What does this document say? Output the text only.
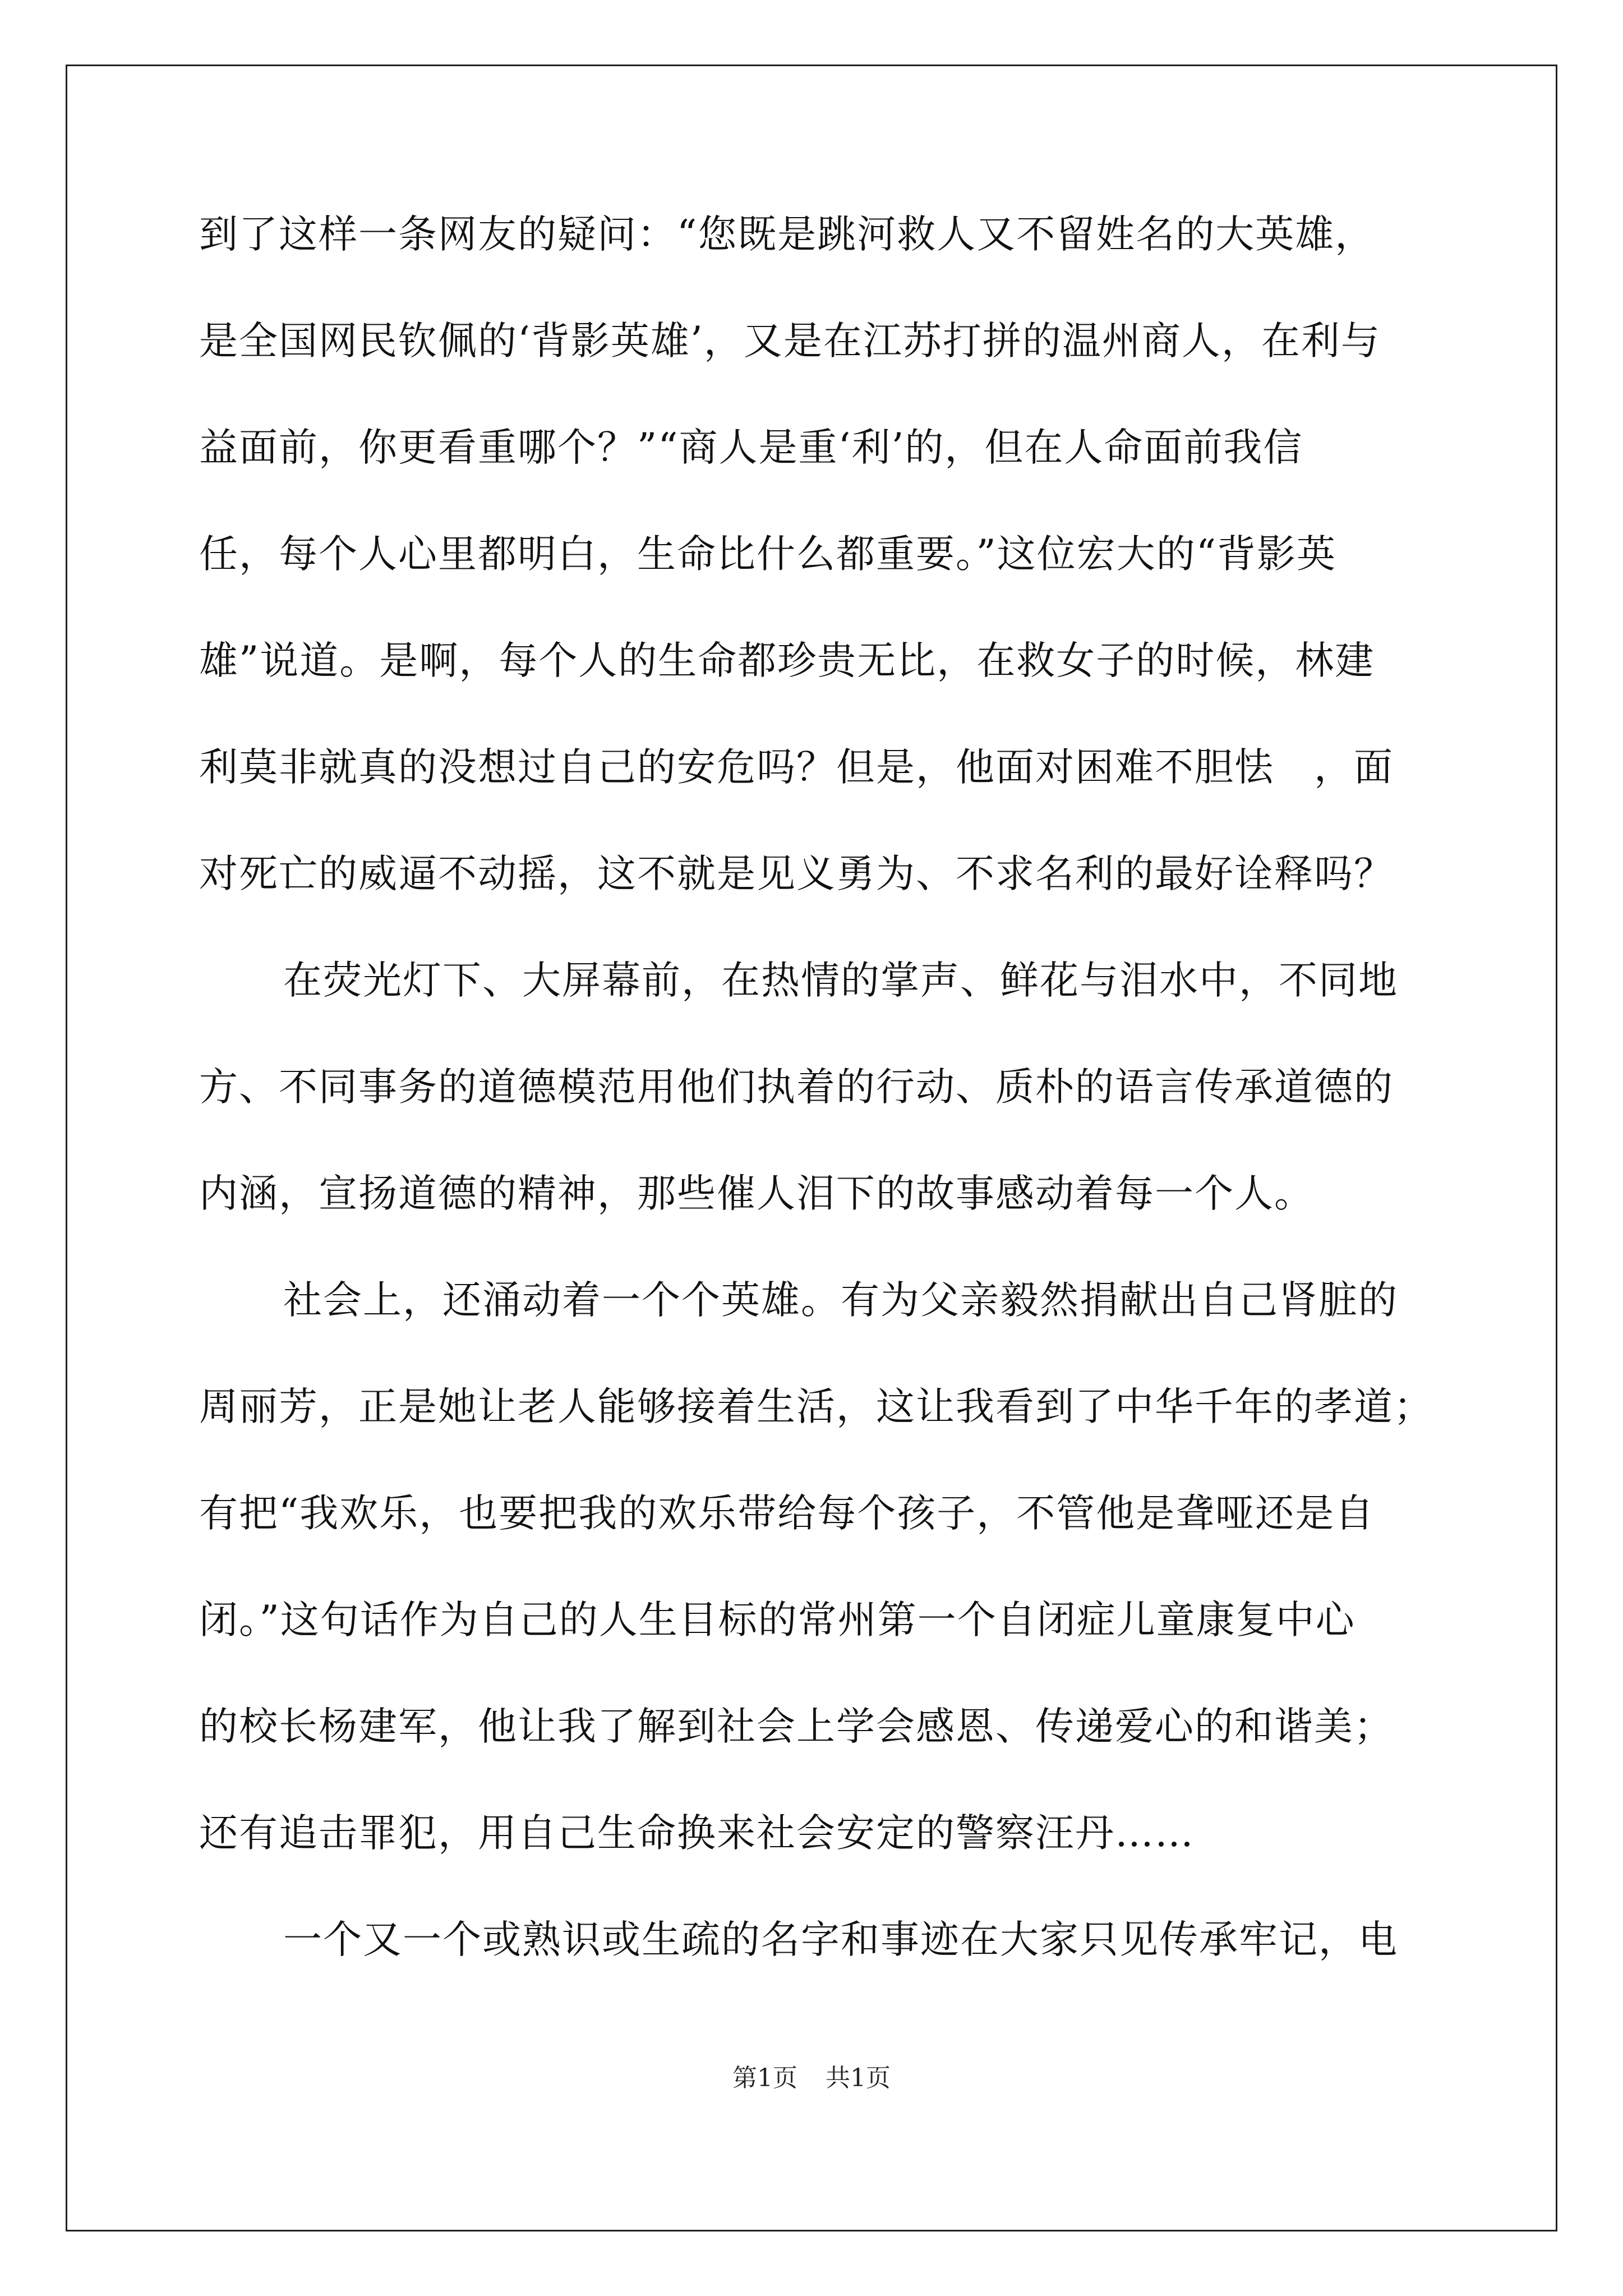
到了这样一条网友的疑问：“您既是跳河救人又不留姓名的大英雄，
是全国网民钦佩的‘背影英雄’，又是在江苏打拼的温州商人，在利与
益面前，你更看重哪个？”“商人是重‘利’的，但在人命面前我信
任，每个人心里都明白，生命比什么都重要。”这位宏大的“背影英
雄”说道。是啊，每个人的生命都珍贵无比，在救女子的时候，林建
利莫非就真的没想过自己的安危吗？但是，他面对困难不胆怯　，面
对死亡的威逼不动摇，这不就是见义勇为、不求名利的最好诠释吗？
在荧光灯下、大屏幕前，在热情的掌声、鲜花与泪水中，不同地
方、不同事务的道德模范用他们执着的行动、质朴的语言传承道德的
内涵，宣扬道德的精神，那些催人泪下的故事感动着每一个人。
社会上，还涌动着一个个英雄。有为父亲毅然捐献出自己肾脏的
周丽芳，正是她让老人能够接着生活，这让我看到了中华千年的孝道；
有把“我欢乐，也要把我的欢乐带给每个孩子，不管他是聋哑还是自
闭。”这句话作为自己的人生目标的常州第一个自闭症儿童康复中心
的校长杨建军，他让我了解到社会上学会感恩、传递爱心的和谐美；
还有追击罪犯，用自己生命换来社会安定的警察汪丹……
一个又一个或熟识或生疏的名字和事迹在大家只见传承牢记，电
第1页 共1页
